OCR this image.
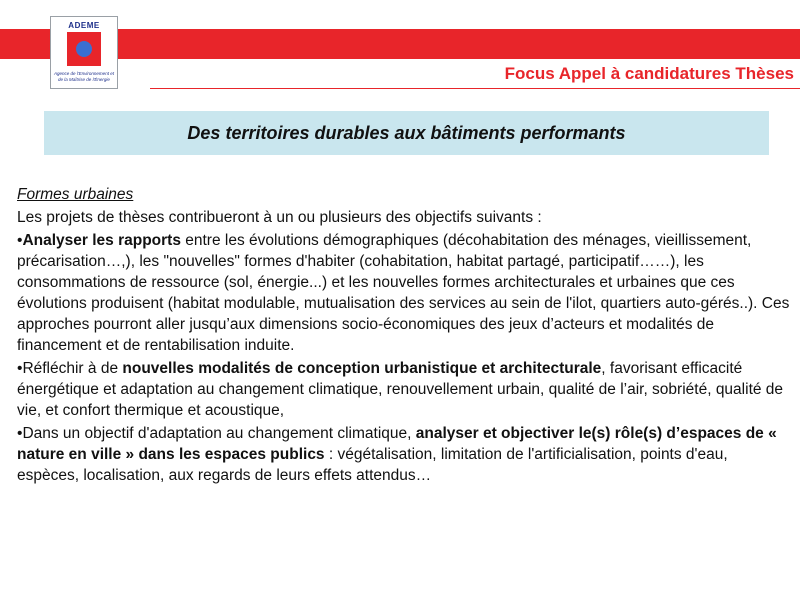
ADEME
Agence de l'Environnement et de la Maîtrise de l'Énergie	Focus Appel à candidatures Thèses
Des territoires durables aux bâtiments performants

Formes urbaines

Les projets de thèses contribueront à un ou plusieurs des objectifs suivants :

•Analyser les rapports entre les évolutions démographiques (décohabitation des ménages, vieillissement, précarisation…,), les "nouvelles" formes d'habiter (cohabitation, habitat partagé, participatif……), les consommations de ressource (sol, énergie...) et les nouvelles formes architecturales et urbaines que ces évolutions produisent (habitat modulable, mutualisation des services au sein de l'ilot, quartiers auto-gérés..). Ces approches pourront aller jusqu’aux dimensions socio-économiques des jeux d’acteurs et modalités de financement et de rentabilisation induite.

•Réfléchir à de nouvelles modalités de conception urbanistique et architecturale, favorisant efficacité énergétique et adaptation au changement climatique, renouvellement urbain, qualité de l’air, sobriété, qualité de vie, et confort thermique et acoustique,

•Dans un objectif d'adaptation au changement climatique, analyser et objectiver le(s) rôle(s) d’espaces de « nature en ville » dans les espaces publics : végétalisation, limitation de l'artificialisation, points d'eau, espèces, localisation, aux regards de leurs effets attendus…
